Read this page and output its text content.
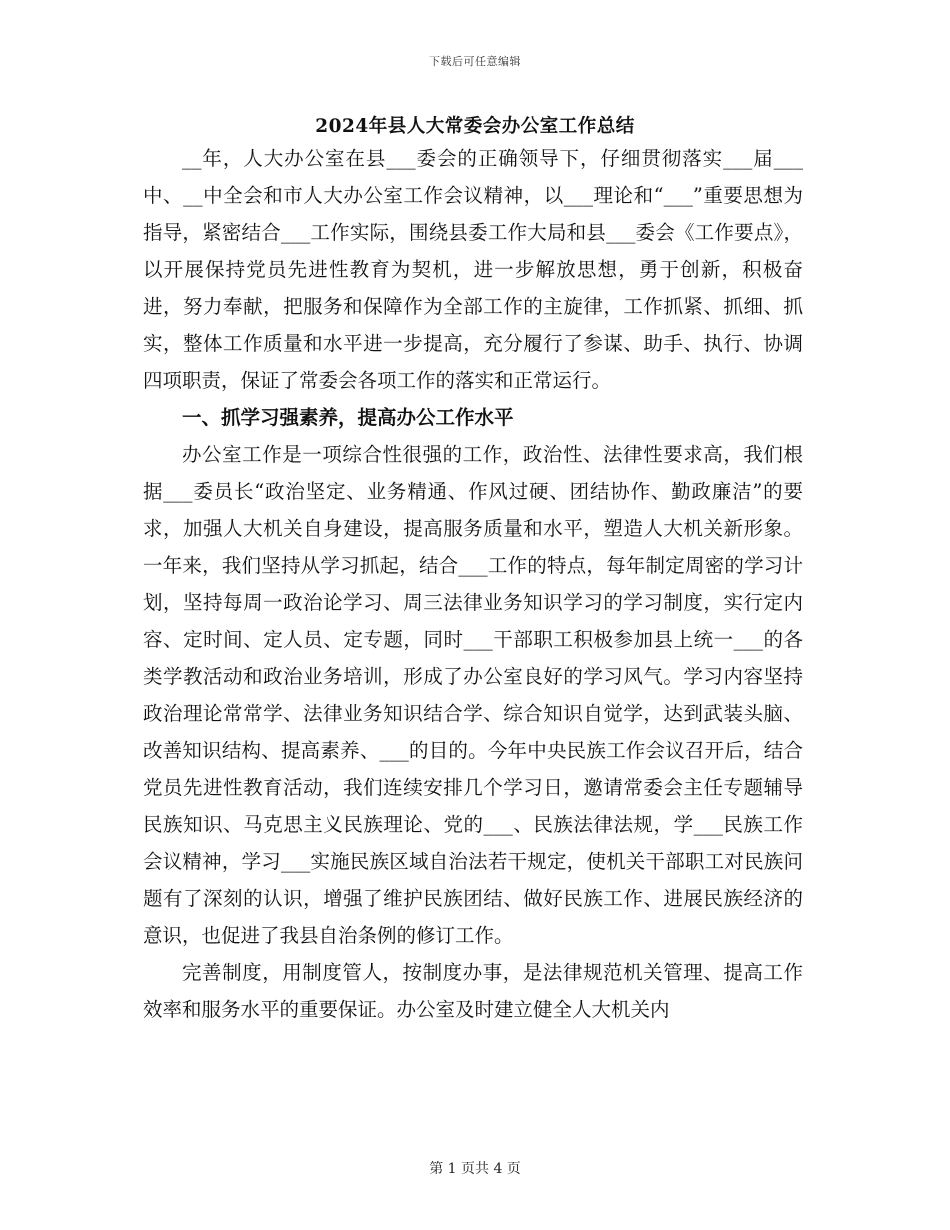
下载后可任意编辑
2024年县人大常委会办公室工作总结

__年，人大办公室在县___委会的正确领导下，仔细贯彻落实___届___中、__中全会和市人大办公室工作会议精神，以___理论和“___”重要思想为指导，紧密结合___工作实际，围绕县委工作大局和县___委会《工作要点》，以开展保持党员先进性教育为契机，进一步解放思想，勇于创新，积极奋进，努力奉献，把服务和保障作为全部工作的主旋律，工作抓紧、抓细、抓实，整体工作质量和水平进一步提高，充分履行了参谋、助手、执行、协调四项职责，保证了常委会各项工作的落实和正常运行。

一、抓学习强素养，提高办公工作水平

办公室工作是一项综合性很强的工作，政治性、法律性要求高，我们根据___委员长“政治坚定、业务精通、作风过硬、团结协作、勤政廉洁”的要求，加强人大机关自身建设，提高服务质量和水平，塑造人大机关新形象。一年来，我们坚持从学习抓起，结合___工作的特点，每年制定周密的学习计划，坚持每周一政治论学习、周三法律业务知识学习的学习制度，实行定内容、定时间、定人员、定专题，同时___干部职工积极参加县上统一___的各类学教活动和政治业务培训，形成了办公室良好的学习风气。学习内容坚持政治理论常常学、法律业务知识结合学、综合知识自觉学，达到武装头脑、改善知识结构、提高素养、___的目的。今年中央民族工作会议召开后，结合党员先进性教育活动，我们连续安排几个学习日，邀请常委会主任专题辅导民族知识、马克思主义民族理论、党的___、民族法律法规，学___民族工作会议精神，学习___实施民族区域自治法若干规定，使机关干部职工对民族问题有了深刻的认识，增强了维护民族团结、做好民族工作、进展民族经济的意识，也促进了我县自治条例的修订工作。

完善制度，用制度管人，按制度办事，是法律规范机关管理、提高工作效率和服务水平的重要保证。办公室及时建立健全人大机关内

第 1 页共 4 页
